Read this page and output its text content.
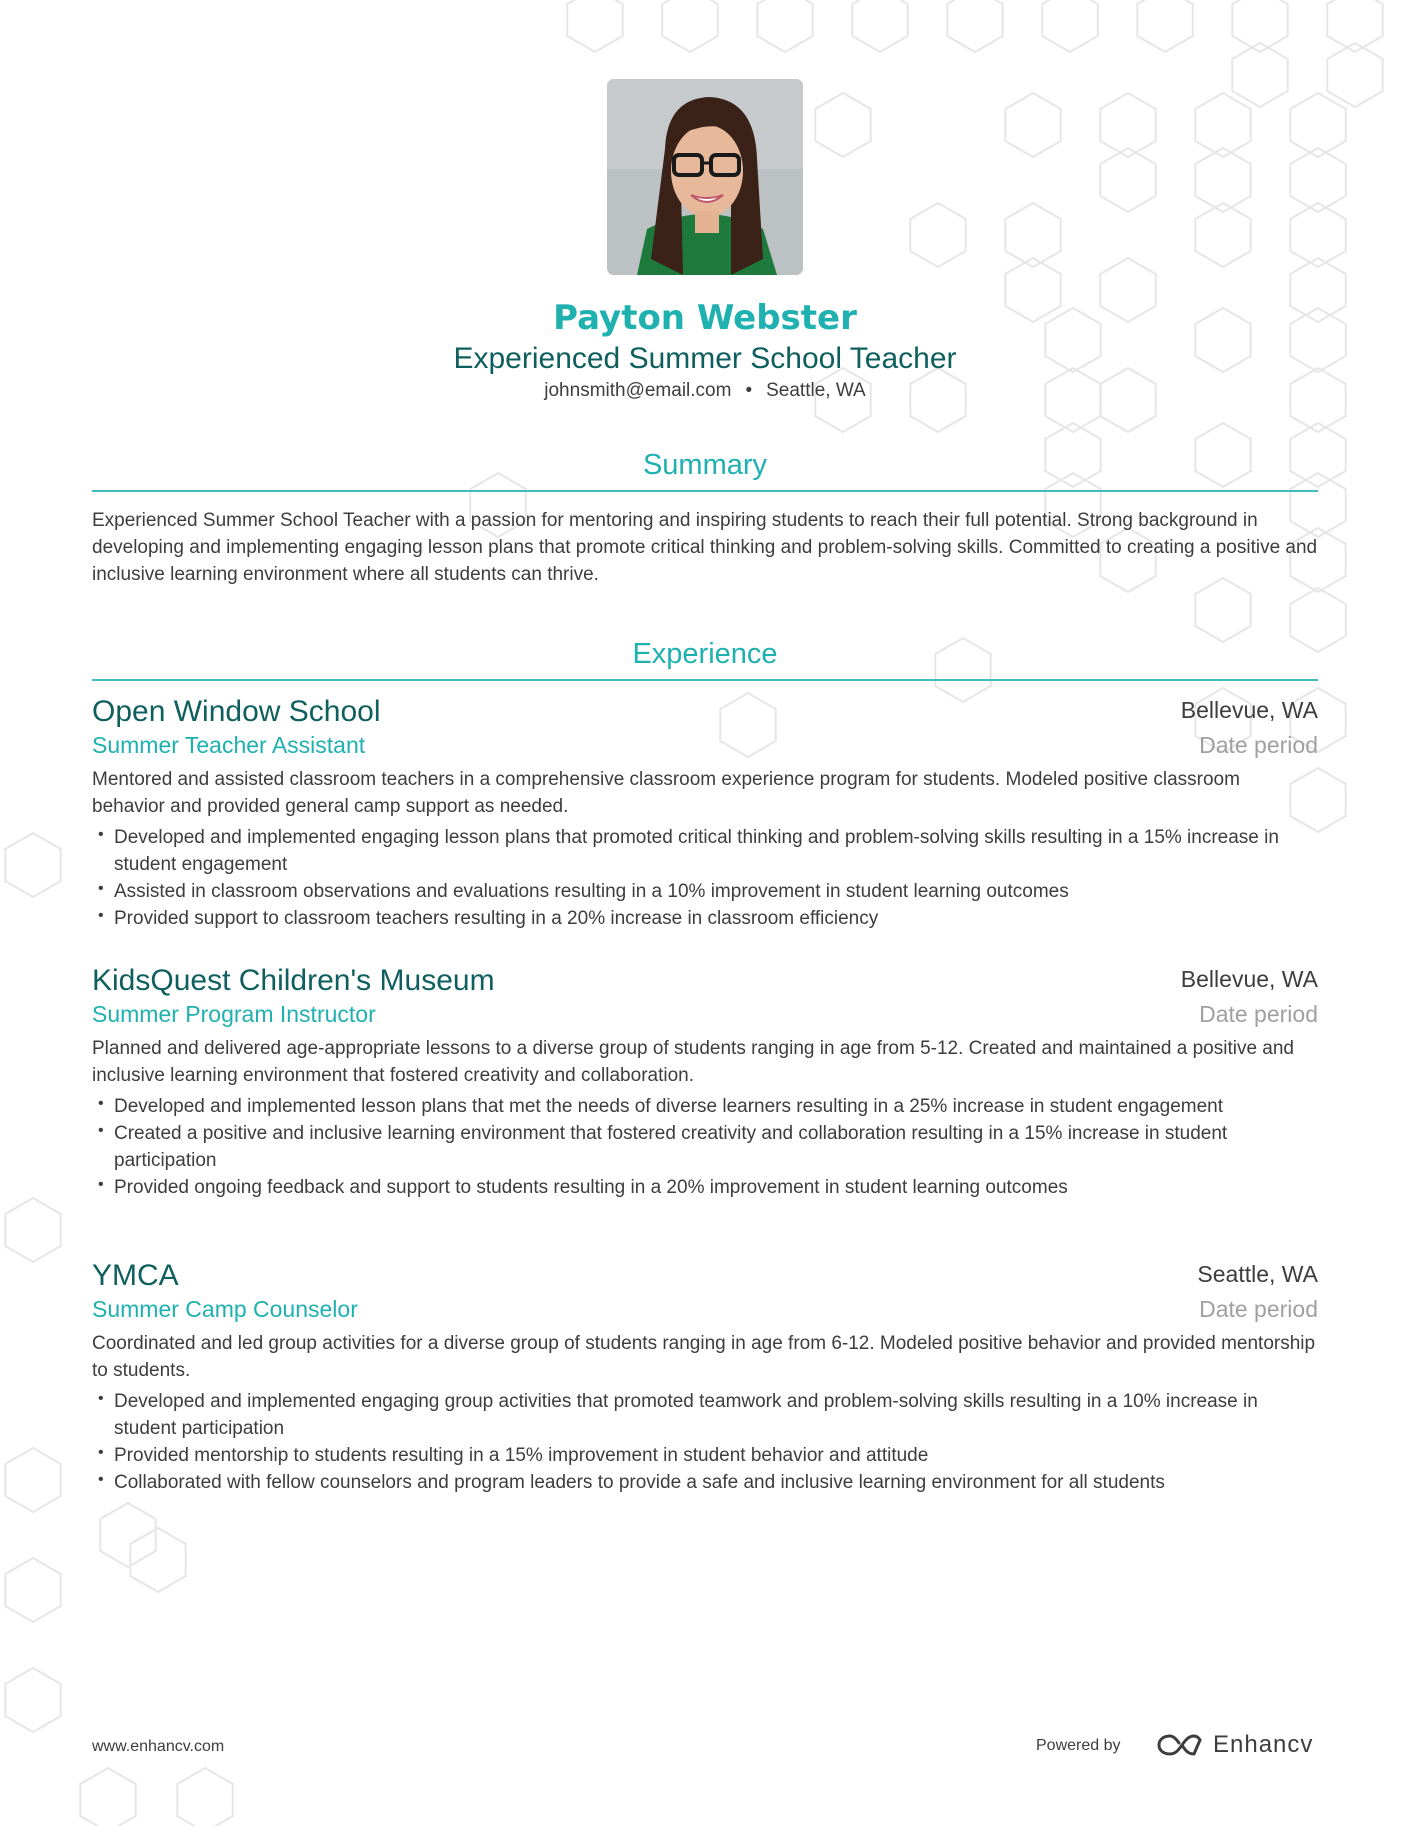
Payton Webster
Experienced Summer School Teacher
johnsmith@email.com • Seattle, WA
Summary

Experienced Summer School Teacher with a passion for mentoring and inspiring students to reach their full potential. Strong background in developing and implementing engaging lesson plans that promote critical thinking and problem-solving skills. Committed to creating a positive and inclusive learning environment where all students can thrive.

Experience
Open Window School	Bellevue, WA
Summer Teacher Assistant	Date period

Mentored and assisted classroom teachers in a comprehensive classroom experience program for students. Modeled positive classroom behavior and provided general camp support as needed.

• Developed and implemented engaging lesson plans that promoted critical thinking and problem-solving skills resulting in a 15% increase in student engagement
• Assisted in classroom observations and evaluations resulting in a 10% improvement in student learning outcomes
• Provided support to classroom teachers resulting in a 20% increase in classroom efficiency
KidsQuest Children's Museum	Bellevue, WA
Summer Program Instructor	Date period

Planned and delivered age-appropriate lessons to a diverse group of students ranging in age from 5-12. Created and maintained a positive and inclusive learning environment that fostered creativity and collaboration.

• Developed and implemented lesson plans that met the needs of diverse learners resulting in a 25% increase in student engagement
• Created a positive and inclusive learning environment that fostered creativity and collaboration resulting in a 15% increase in student participation
• Provided ongoing feedback and support to students resulting in a 20% improvement in student learning outcomes
YMCA	Seattle, WA
Summer Camp Counselor	Date period

Coordinated and led group activities for a diverse group of students ranging in age from 6-12. Modeled positive behavior and provided mentorship to students.

• Developed and implemented engaging group activities that promoted teamwork and problem-solving skills resulting in a 10% increase in student participation
• Provided mentorship to students resulting in a 15% improvement in student behavior and attitude
• Collaborated with fellow counselors and program leaders to provide a safe and inclusive learning environment for all students
www.enhancv.com	Powered by	Enhancv
